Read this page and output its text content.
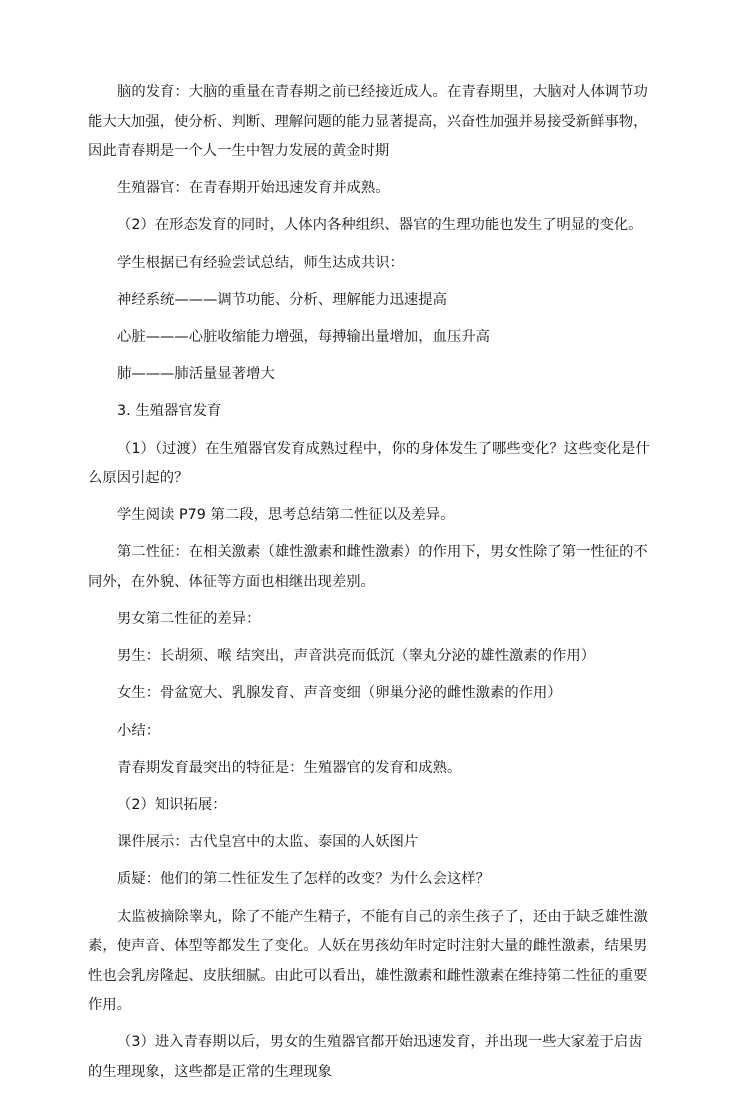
脑的发育：大脑的重量在青春期之前已经接近成人。在青春期里，大脑对人体调节功能大大加强，使分析、判断、理解问题的能力显著提高，兴奋性加强并易接受新鲜事物，因此青春期是一个人一生中智力发展的黄金时期

生殖器官：在青春期开始迅速发育并成熟。

（2）在形态发育的同时，人体内各种组织、器官的生理功能也发生了明显的变化。

学生根据已有经验尝试总结，师生达成共识：

神经系统———调节功能、分析、理解能力迅速提高

心脏———心脏收缩能力增强，每搏输出量增加，血压升高

肺———肺活量显著增大

3. 生殖器官发育

（1）（过渡）在生殖器官发育成熟过程中，你的身体发生了哪些变化？这些变化是什么原因引起的？

学生阅读 P79 第二段，思考总结第二性征以及差异。

第二性征：在相关激素（雄性激素和雌性激素）的作用下，男女性除了第一性征的不同外，在外貌、体征等方面也相继出现差别。

男女第二性征的差异：

男生：长胡须、喉 结突出，声音洪亮而低沉（睾丸分泌的雄性激素的作用）

女生：骨盆宽大、乳腺发育、声音变细（卵巢分泌的雌性激素的作用）

小结：

青春期发育最突出的特征是：生殖器官的发育和成熟。

（2）知识拓展：

课件展示：古代皇宫中的太监、泰国的人妖图片

质疑：他们的第二性征发生了怎样的改变？为什么会这样？

太监被摘除睾丸，除了不能产生精子，不能有自己的亲生孩子了，还由于缺乏雄性激素，使声音、体型等都发生了变化。人妖在男孩幼年时定时注射大量的雌性激素，结果男性也会乳房隆起、皮肤细腻。由此可以看出，雄性激素和雌性激素在维持第二性征的重要作用。

（3）进入青春期以后，男女的生殖器官都开始迅速发育，并出现一些大家羞于启齿的生理现象，这些都是正常的生理现象
